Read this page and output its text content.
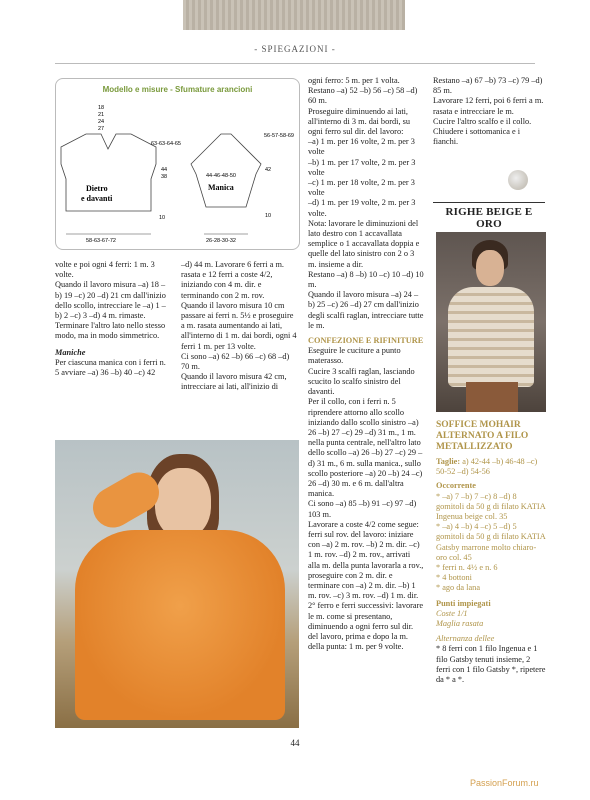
- SPIEGAZIONI -
Modello e misure - Sfumature arancioni
Dietro
e davanti
18
21
24
27
63-63-64-65
44
38
10
58-63-67-72
Manica
44-46-48-50
56-57-58-69
42
10
26-28-30-32

volte e poi ogni 4 ferri: 1 m. 3 volte.

Quando il lavoro misura –a) 18 –b) 19 –c) 20 –d) 21 cm dall'inizio dello scollo, intrecciare le –a) 1 –b) 2 –c) 3 –d) 4 m. rimaste.

Terminare l'altro lato nello stesso modo, ma in modo simmetrico.

Maniche

Per ciascuna manica con i ferri n. 5 avviare –a) 36 –b) 40 –c) 42

–d) 44 m. Lavorare 6 ferri a m. rasata e 12 ferri a coste 4/2, iniziando con 4 m. dir. e terminando con 2 m. rov.

Quando il lavoro misura 10 cm passare ai ferri n. 5½ e proseguire a m. rasata aumentando ai lati, all'interno di 1 m. dai bordi, ogni 4 ferri 1 m. per 13 volte.

Ci sono –a) 62 –b) 66 –c) 68 –d) 70 m.

Quando il lavoro misura 42 cm, intrecciare ai lati, all'inizio di

ogni ferro: 5 m. per 1 volta.

Restano –a) 52 –b) 56 –c) 58 –d) 60 m.

Proseguire diminuendo ai lati, all'interno di 3 m. dai bordi, su ogni ferro sul dir. del lavoro:

–a) 1 m. per 16 volte, 2 m. per 3 volte

–b) 1 m. per 17 volte, 2 m. per 3 volte

–c) 1 m. per 18 volte, 2 m. per 3 volte

–d) 1 m. per 19 volte, 2 m. per 3 volte.

Nota: lavorare le diminuzioni del lato destro con 1 accavallata semplice o 1 accavallata doppia e quelle del lato sinistro con 2 o 3 m. insieme a dir.

Restano –a) 8 –b) 10 –c) 10 –d) 10 m.

Quando il lavoro misura –a) 24 –b) 25 –c) 26 –d) 27 cm dall'inizio degli scalfi raglan, intrecciare tutte le m.

CONFEZIONE E RIFINITURE

Eseguire le cuciture a punto materasso.

Cucire 3 scalfi raglan, lasciando scucito lo scalfo sinistro del davanti.

Per il collo, con i ferri n. 5 riprendere attorno allo scollo iniziando dallo scollo sinistro –a) 26 –b) 27 –c) 29 –d) 31 m., 1 m. nella punta centrale, nell'altro lato dello scollo –a) 26 –b) 27 –c) 29 –d) 31 m., 6 m. sulla manica., sullo scollo posteriore –a) 20 –b) 24 –c) 26 –d) 30 m. e 6 m. dall'altra manica.

Ci sono –a) 85 –b) 91 –c) 97 –d) 103 m.

Lavorare a coste 4/2 come segue:

ferri sul rov. del lavoro: iniziare con –a) 2 m. rov. –b) 2 m. dir. –c) 1 m. rov. –d) 2 m. rov., arrivati alla m. della punta lavorarla a rov., proseguire con 2 m. dir. e terminare con –a) 2 m. dir. –b) 1 m. rov. –c) 3 m. rov. –d) 1 m. dir.

2° ferro e ferri successivi: lavorare le m. come si presentano, diminuendo a ogni ferro sul dir. del lavoro, prima e dopo la m. della punta: 1 m. per 9 volte.

Restano –a) 67 –b) 73 –c) 79 –d) 85 m.

Lavorare 12 ferri, poi 6 ferri a m. rasata e intrecciare le m.

Cucire l'altro scalfo e il collo. Chiudere i sottomanica e i fianchi.

RIGHE BEIGE E ORO

SOFFICE MOHAIR ALTERNATO A FILO METALLIZZATO

Taglie: a) 42-44 –b) 46-48 –c) 50-52 –d) 54-56

Occorrente

* –a) 7 –b) 7 –c) 8 –d) 8 gomitoli da 50 g di filato KATIA Ingenua beige col. 35

* –a) 4 –b) 4 –c) 5 –d) 5 gomitoli da 50 g di filato KATIA Gatsby marrone molto chiaro-oro col. 45

* ferri n. 4½ e n. 6

* 4 bottoni

* ago da lana

Punti impiegati

Coste 1/1

Maglia rasata

Alternanza dellee

* 8 ferri con 1 filo Ingenua e 1 filo Gatsby tenuti insieme, 2 ferri con 1 filo Gatsby *, ripetere da * a *.

44
PassionForum.ru
